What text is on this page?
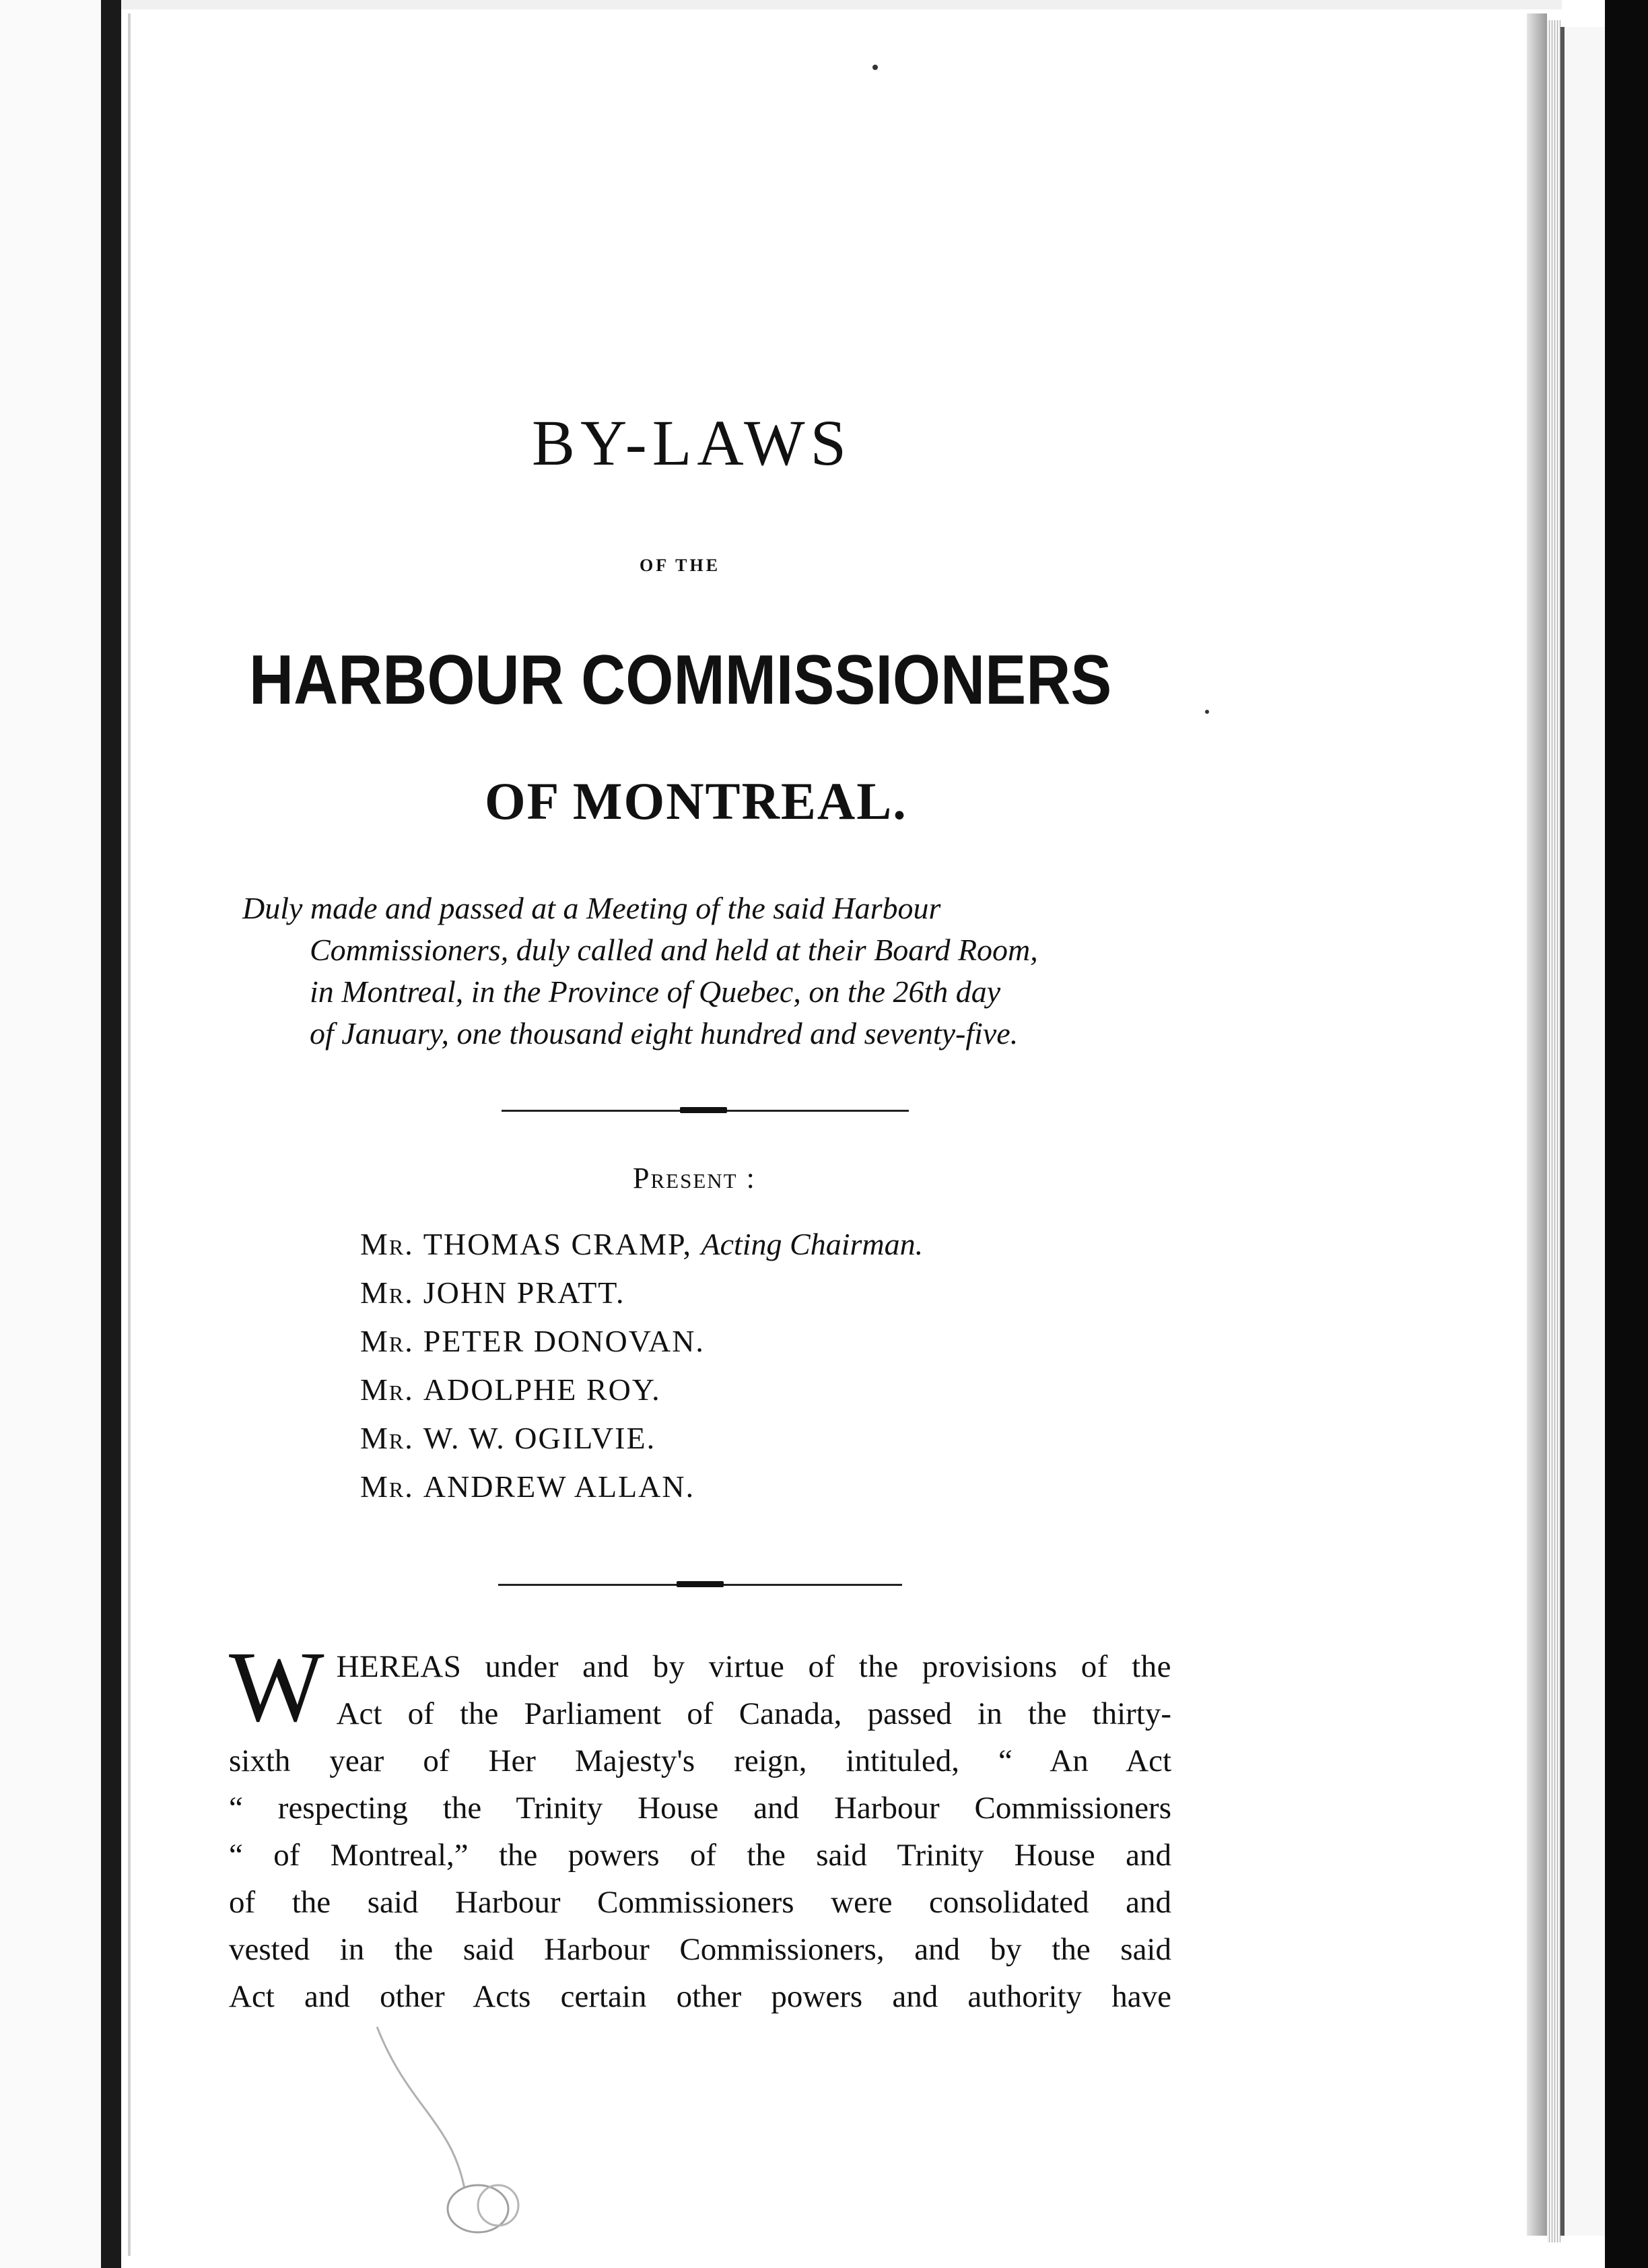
BY-LAWS
OF THE
HARBOUR COMMISSIONERS
OF MONTREAL.
Duly made and passed at a Meeting of the said Harbour
Commissioners, duly called and held at their Board Room,
in Montreal, in the Province of Quebec, on the 26th day
of January, one thousand eight hundred and seventy-five.
Present :
Mr. THOMAS CRAMP, Acting Chairman.
Mr. JOHN PRATT.
Mr. PETER DONOVAN.
Mr. ADOLPHE ROY.
Mr. W. W. OGILVIE.
Mr. ANDREW ALLAN.
W HEREAS under and by virtue of the provisions of the
Act of the Parliament of Canada, passed in the thirty-
sixth year of Her Majesty's reign, intituled, “ An Act
“ respecting the Trinity House and Harbour Commissioners
“ of Montreal,” the powers of the said Trinity House and
of the said Harbour Commissioners were consolidated and
vested in the said Harbour Commissioners, and by the said
Act and other Acts certain other powers and authority have
